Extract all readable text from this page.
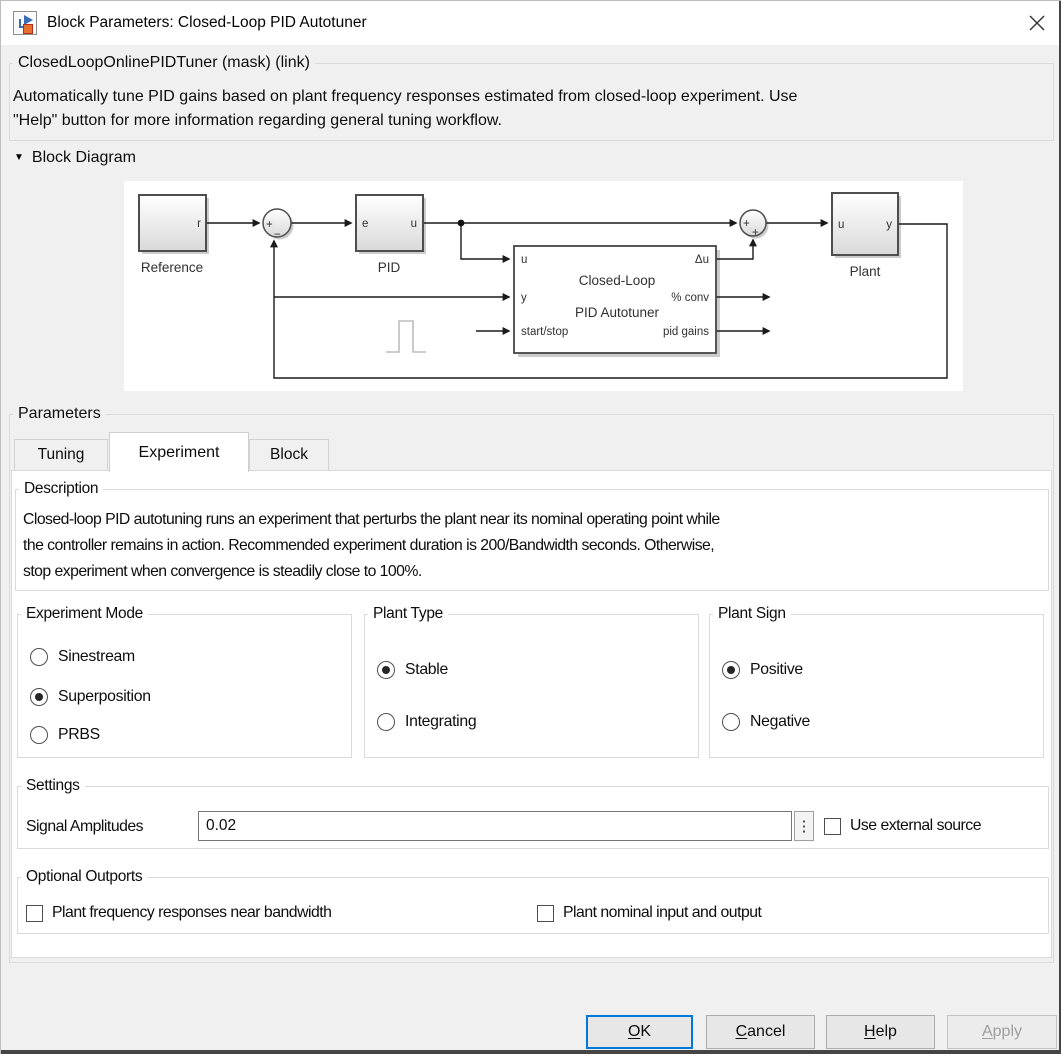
Block Parameters: Closed-Loop PID Autotuner
ClosedLoopOnlinePIDTuner (mask) (link)
Automatically tune PID gains based on plant frequency responses estimated from closed-loop experiment. Use
"Help" button for more information regarding general tuning workflow.
▼ Block Diagram
r
Reference
+
−
e	u
PID	u
y
start/stop
Δu
% conv
pid gains
Closed-Loop
PID Autotuner
+
+
u	y
Plant
Parameters
Tuning	Experiment	Block
Description
Closed-loop PID autotuning runs an experiment that perturbs the plant near its nominal operating point while
the controller remains in action. Recommended experiment duration is 200/Bandwidth seconds. Otherwise,
stop experiment when convergence is steadily close to 100%.
Experiment Mode
Sinestream
Superposition
PRBS
Plant Type
Stable
Integrating
Plant Sign
Positive
Negative
Settings
Signal Amplitudes
0.02	⋮ Use external source
Optional Outports
Plant frequency responses near bandwidth	Plant nominal input and output
OK	Cancel	Help	Apply
